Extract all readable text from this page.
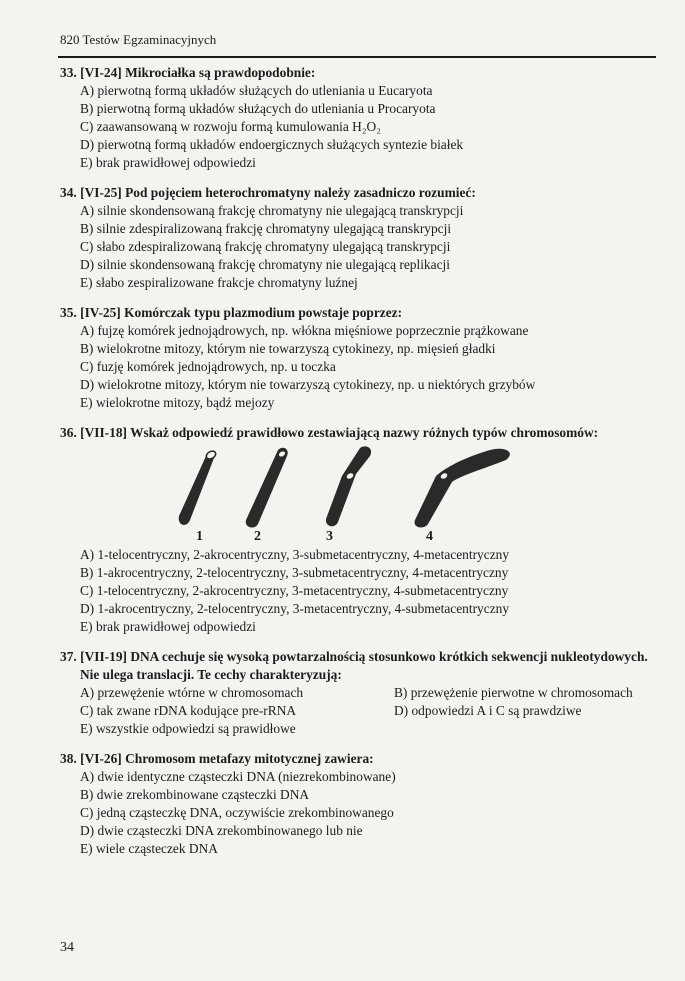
820 Testów Egzaminacyjnych
33. [VI-24] Mikrociałka są prawdopodobnie:
A) pierwotną formą układów służących do utleniania u Eucaryota
B) pierwotną formą układów służących do utleniania u Procaryota
C) zaawansowaną w rozwoju formą kumulowania H₂O₂
D) pierwotną formą układów endoergicznych służących syntezie białek
E) brak prawidłowej odpowiedzi
34. [VI-25] Pod pojęciem heterochromatyny należy zasadniczo rozumieć:
A) silnie skondensowaną frakcję chromatyny nie ulegającą transkrypcji
B) silnie zdespiralizowaną frakcję chromatyny ulegającą transkrypcji
C) słabo zdespiralizowaną frakcję chromatyny ulegającą transkrypcji
D) silnie skondensowaną frakcję chromatyny nie ulegającą replikacji
E) słabo zespiralizowane frakcje chromatyny luźnej
35. [IV-25] Komórczak typu plazmodium powstaje poprzez:
A) fujzę komórek jednojądrowych, np. włókna mięśniowe poprzecznie prążkowane
B) wielokrotne mitozy, którym nie towarzyszą cytokinezy, np. mięsień gładki
C) fuzję komórek jednojądrowych, np. u toczka
D) wielokrotne mitozy, którym nie towarzyszą cytokinezy, np. u niektórych grzybów
E) wielokrotne mitozy, bądź mejozy
36. [VII-18] Wskaż odpowiedź prawidłowo zestawiającą nazwy różnych typów chromosomów:
1	2	3	4
A) 1-telocentryczny, 2-akrocentryczny, 3-submetacentryczny, 4-metacentryczny
B) 1-akrocentryczny, 2-telocentryczny, 3-submetacentryczny, 4-metacentryczny
C) 1-telocentryczny, 2-akrocentryczny, 3-metacentryczny, 4-submetacentryczny
D) 1-akrocentryczny, 2-telocentryczny, 3-metacentryczny, 4-submetacentryczny
E) brak prawidłowej odpowiedzi
37. [VII-19] DNA cechuje się wysoką powtarzalnością stosunkowo krótkich sekwencji nukleotydowych. Nie ulega translacji. Te cechy charakteryzują:
A) przewężenie wtórne w chromosomach	B) przewężenie pierwotne w chromosomach
C) tak zwane rDNA kodujące pre-rRNA	D) odpowiedzi A i C są prawdziwe
E) wszystkie odpowiedzi są prawidłowe
38. [VI-26] Chromosom metafazy mitotycznej zawiera:
A) dwie identyczne cząsteczki DNA (niezrekombinowane)
B) dwie zrekombinowane cząsteczki DNA
C) jedną cząsteczkę DNA, oczywiście zrekombinowanego
D) dwie cząsteczki DNA zrekombinowanego lub nie
E) wiele cząsteczek DNA
34
